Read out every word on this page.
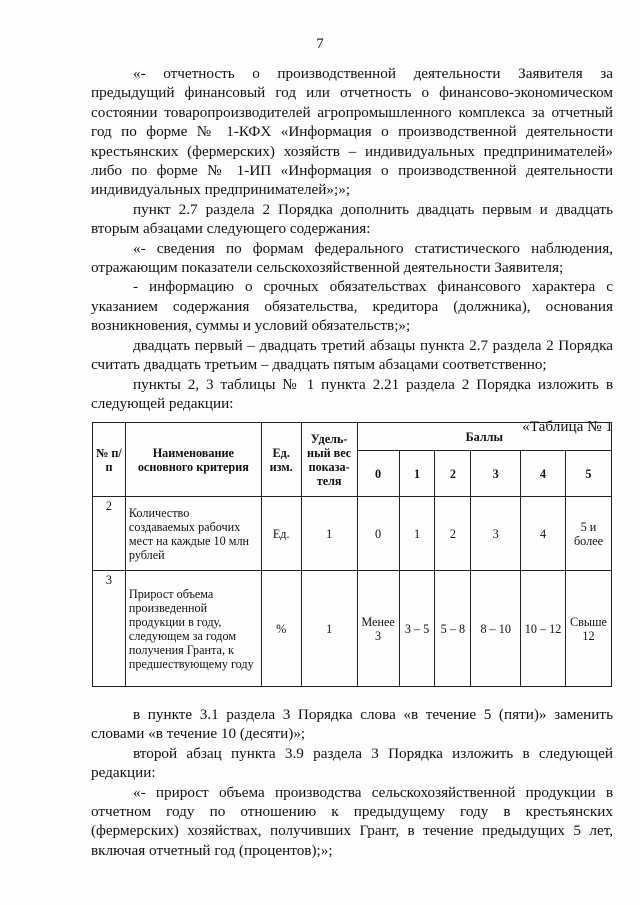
7

«- отчетность о производственной деятельности Заявителя за предыдущий финансовый год или отчетность о финансово-экономическом состоянии товаропроизводителей агропромышленного комплекса за отчетный год по форме № 1-КФХ «Информация о производственной деятельности крестьянских (фермерских) хозяйств – индивидуальных предпринимателей» либо по форме № 1-ИП «Информация о производственной деятельности индивидуальных предпринимателей»;»;

пункт 2.7 раздела 2 Порядка дополнить двадцать первым и двадцать вторым абзацами следующего содержания:

«- сведения по формам федерального статистического наблюдения, отражающим показатели сельскохозяйственной деятельности Заявителя;

- информацию о срочных обязательствах финансового характера с указанием содержания обязательства, кредитора (должника), основания возникновения, суммы и условий обязательств;»;

двадцать первый – двадцать третий абзацы пункта 2.7 раздела 2 Порядка считать двадцать третьим – двадцать пятым абзацами соответственно;

пункты 2, 3 таблицы № 1 пункта 2.21 раздела 2 Порядка изложить в следующей редакции:

«Таблица № 1

№ п/п	Наименование основного критерия	Ед. изм.	Удель-ный вес показа-теля	Баллы					
				0	1	2	3	4	5
2	Количество создаваемых рабочих мест на каждые 10 млн рублей	Ед.	1	0	1	2	3	4	5 и более
3	Прирост объема произведенной продукции в году, следующем за годом получения Гранта, к предшествующему году	%	1	Менее 3	3 – 5	5 – 8	8 – 10	10 – 12	Свыше 12

в пункте 3.1 раздела 3 Порядка слова «в течение 5 (пяти)» заменить словами «в течение 10 (десяти)»;

второй абзац пункта 3.9 раздела 3 Порядка изложить в следующей редакции:

«- прирост объема производства сельскохозяйственной продукции в отчетном году по отношению к предыдущему году в крестьянских (фермерских) хозяйствах, получивших Грант, в течение предыдущих 5 лет, включая отчетный год (процентов);»;
